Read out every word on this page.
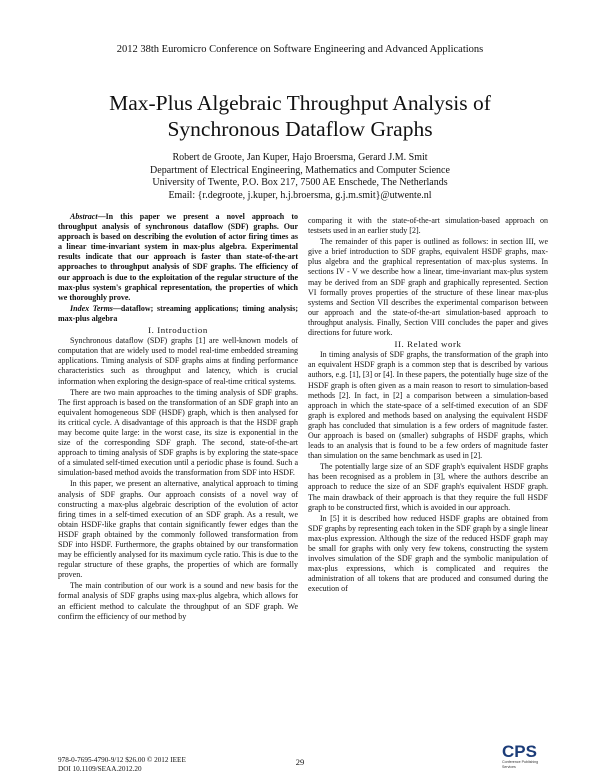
2012 38th Euromicro Conference on Software Engineering and Advanced Applications
Max-Plus Algebraic Throughput Analysis of
Synchronous Dataflow Graphs
Robert de Groote, Jan Kuper, Hajo Broersma, Gerard J.M. Smit
Department of Electrical Engineering, Mathematics and Computer Science
University of Twente, P.O. Box 217, 7500 AE Enschede, The Netherlands
Email: {r.degroote, j.kuper, h.j.broersma, g.j.m.smit}@utwente.nl

Abstract—In this paper we present a novel approach to throughput analysis of synchronous dataflow (SDF) graphs. Our approach is based on describing the evolution of actor firing times as a linear time-invariant system in max-plus algebra. Experimental results indicate that our approach is faster than state-of-the-art approaches to throughput analysis of SDF graphs. The efficiency of our approach is due to the exploitation of the regular structure of the max-plus system's graphical representation, the properties of which we thoroughly prove.

Index Terms—dataflow; streaming applications; timing analysis; max-plus algebra

I. Introduction

Synchronous dataflow (SDF) graphs [1] are well-known models of computation that are widely used to model real-time embedded streaming applications. Timing analysis of SDF graphs aims at finding performance characteristics such as throughput and latency, which is crucial information when exploring the design-space of real-time critical systems.

There are two main approaches to the timing analysis of SDF graphs. The first approach is based on the transformation of an SDF graph into an equivalent homogeneous SDF (HSDF) graph, which is then analysed for its critical cycle. A disadvantage of this approach is that the HSDF graph may become quite large: in the worst case, its size is exponential in the size of the corresponding SDF graph. The second, state-of-the-art approach to timing analysis of SDF graphs is by exploring the state-space of a simulated self-timed execution until a periodic phase is found. Such a simulation-based method avoids the transformation from SDF into HSDF.

In this paper, we present an alternative, analytical approach to timing analysis of SDF graphs. Our approach consists of a novel way of constructing a max-plus algebraic description of the evolution of actor firing times in a self-timed execution of an SDF graph. As a result, we obtain HSDF-like graphs that contain significantly fewer edges than the HSDF graph obtained by the commonly followed transformation from SDF into HSDF. Furthermore, the graphs obtained by our transformation may be efficiently analysed for its maximum cycle ratio. This is due to the regular structure of these graphs, the properties of which are formally proven.

The main contribution of our work is a sound and new basis for the formal analysis of SDF graphs using max-plus algebra, which allows for an efficient method to calculate the throughput of an SDF graph. We confirm the efficiency of our method by

comparing it with the state-of-the-art simulation-based approach on testsets used in an earlier study [2].

The remainder of this paper is outlined as follows: in section III, we give a brief introduction to SDF graphs, equivalent HSDF graphs, max-plus algebra and the graphical representation of max-plus systems. In sections IV - V we describe how a linear, time-invariant max-plus system may be derived from an SDF graph and graphically represented. Section VI formally proves properties of the structure of these linear max-plus systems and Section VII describes the experimental comparison between our approach and the state-of-the-art simulation-based approach to throughput analysis. Finally, Section VIII concludes the paper and gives directions for future work.

II. Related work

In timing analysis of SDF graphs, the transformation of the graph into an equivalent HSDF graph is a common step that is described by various authors, e.g. [1], [3] or [4]. In these papers, the potentially huge size of the HSDF graph is often given as a main reason to resort to simulation-based methods [2]. In fact, in [2] a comparison between a simulation-based approach in which the state-space of a self-timed execution of an SDF graph is explored and methods based on analysing the equivalent HSDF graph has concluded that simulation is a few orders of magnitude faster. Our approach is based on (smaller) subgraphs of HSDF graphs, which leads to an analysis that is found to be a few orders of magnitude faster than simulation on the same benchmark as used in [2].

The potentially large size of an SDF graph's equivalent HSDF graphs has been recognised as a problem in [3], where the authors describe an approach to reduce the size of an SDF graph's equivalent HSDF graph. The main drawback of their approach is that they require the full HSDF graph to be constructed first, which is avoided in our approach.

In [5] it is described how reduced HSDF graphs are obtained from SDF graphs by representing each token in the SDF graph by a single linear max-plus expression. Although the size of the reduced HSDF graph may be small for graphs with only very few tokens, constructing the system involves simulation of the SDF graph and the symbolic manipulation of max-plus expressions, which is complicated and requires the administration of all tokens that are produced and consumed during the execution of

978-0-7695-4790-9/12 $26.00 © 2012 IEEE
DOI 10.1109/SEAA.2012.20
29
CPS
Conference Publishing Services
